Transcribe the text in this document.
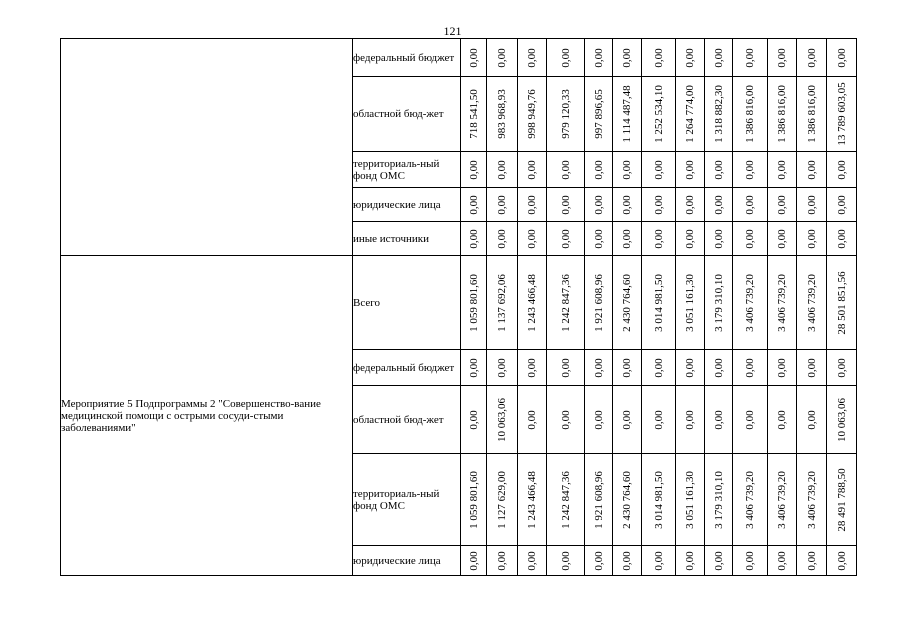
121
	федеральный бюджет	0,00	0,00	0,00	0,00	0,00	0,00	0,00	0,00	0,00	0,00	0,00	0,00	0,00

	областной бюд-жет	718 541,50	983 968,93	998 949,76	979 120,33	997 896,65	1 114 487,48	1 252 534,10	1 264 774,00	1 318 882,30	1 386 816,00	1 386 816,00	1 386 816,00	13 789 603,05

	территориаль-ный фонд ОМС	0,00	0,00	0,00	0,00	0,00	0,00	0,00	0,00	0,00	0,00	0,00	0,00	0,00

	юридические лица	0,00	0,00	0,00	0,00	0,00	0,00	0,00	0,00	0,00	0,00	0,00	0,00	0,00

	иные источники	0,00	0,00	0,00	0,00	0,00	0,00	0,00	0,00	0,00	0,00	0,00	0,00	0,00

Мероприятие 5 Подпрограммы 2 "Совершенство-вание медицинской помощи с острыми сосуди-стыми заболеваниями"	Всего	1 059 801,60	1 137 692,06	1 243 466,48	1 242 847,36	1 921 608,96	2 430 764,60	3 014 981,50	3 051 161,30	3 179 310,10	3 406 739,20	3 406 739,20	3 406 739,20	28 501 851,56

	федеральный бюджет	0,00	0,00	0,00	0,00	0,00	0,00	0,00	0,00	0,00	0,00	0,00	0,00	0,00

	областной бюд-жет	0,00	10 063,06	0,00	0,00	0,00	0,00	0,00	0,00	0,00	0,00	0,00	0,00	10 063,06

	территориаль-ный фонд ОМС	1 059 801,60	1 127 629,00	1 243 466,48	1 242 847,36	1 921 608,96	2 430 764,60	3 014 981,50	3 051 161,30	3 179 310,10	3 406 739,20	3 406 739,20	3 406 739,20	28 491 788,50

	юридические лица	0,00	0,00	0,00	0,00	0,00	0,00	0,00	0,00	0,00	0,00	0,00	0,00	0,00
